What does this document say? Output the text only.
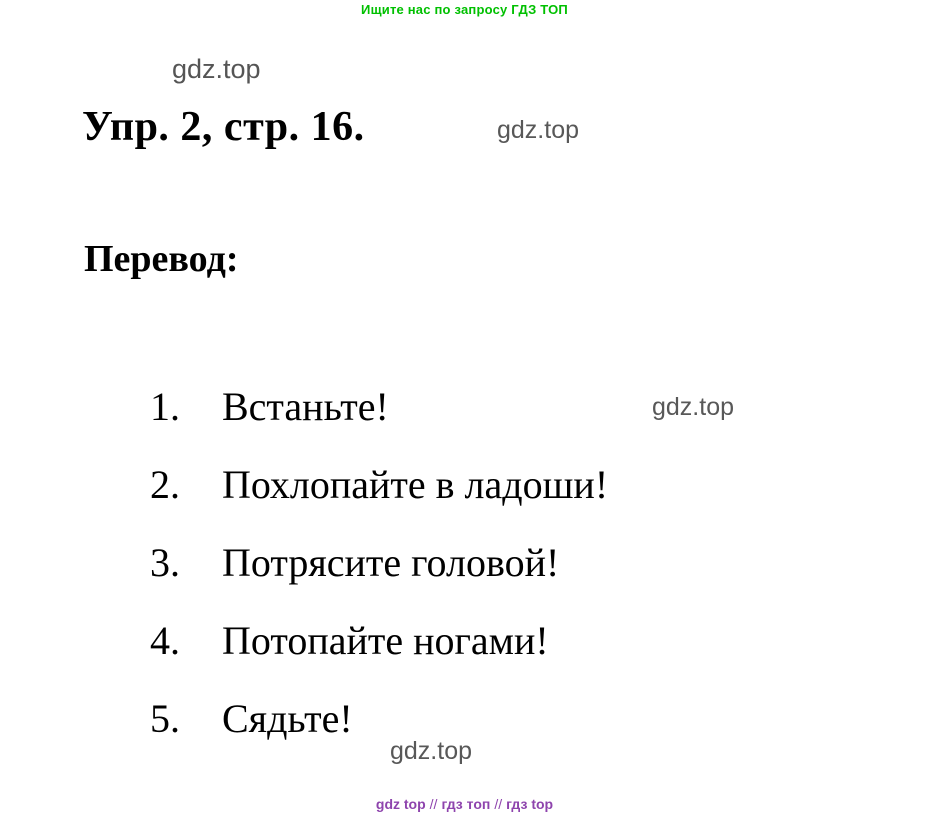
Ищите нас по запросу ГДЗ ТОП
gdz.top
gdz.top
gdz.top
gdz.top
Упр. 2, стр. 16.
Перевод:
1.	Встаньте!
2.	Похлопайте в ладоши!
3.	Потрясите головой!
4.	Потопайте ногами!
5.	Сядьте!
gdz top // гдз топ // гдз top
